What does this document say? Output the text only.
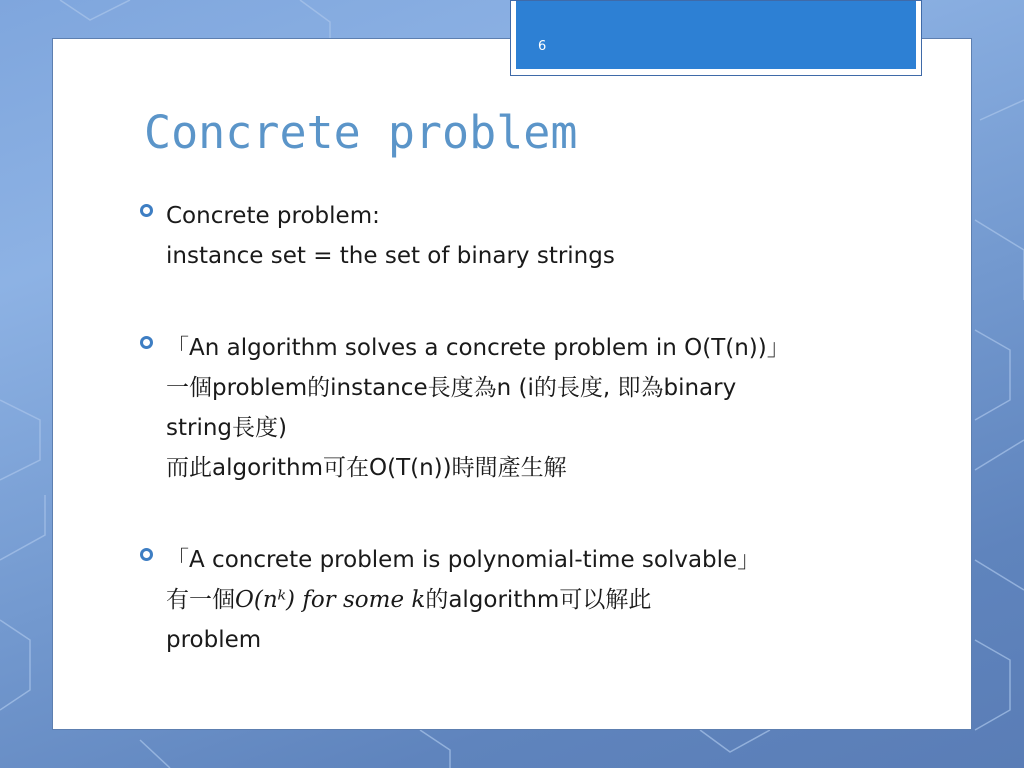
6
Concrete problem
Concrete problem:
instance set = the set of binary strings
「An algorithm solves a concrete problem in O(T(n))」
一個problem的instance長度為n (i的長度, 即為binary
string長度)
而此algorithm可在O(T(n))時間產生解
「A concrete problem is polynomial-time solvable」
有一個O(nᵏ) for some k的algorithm可以解此
problem
